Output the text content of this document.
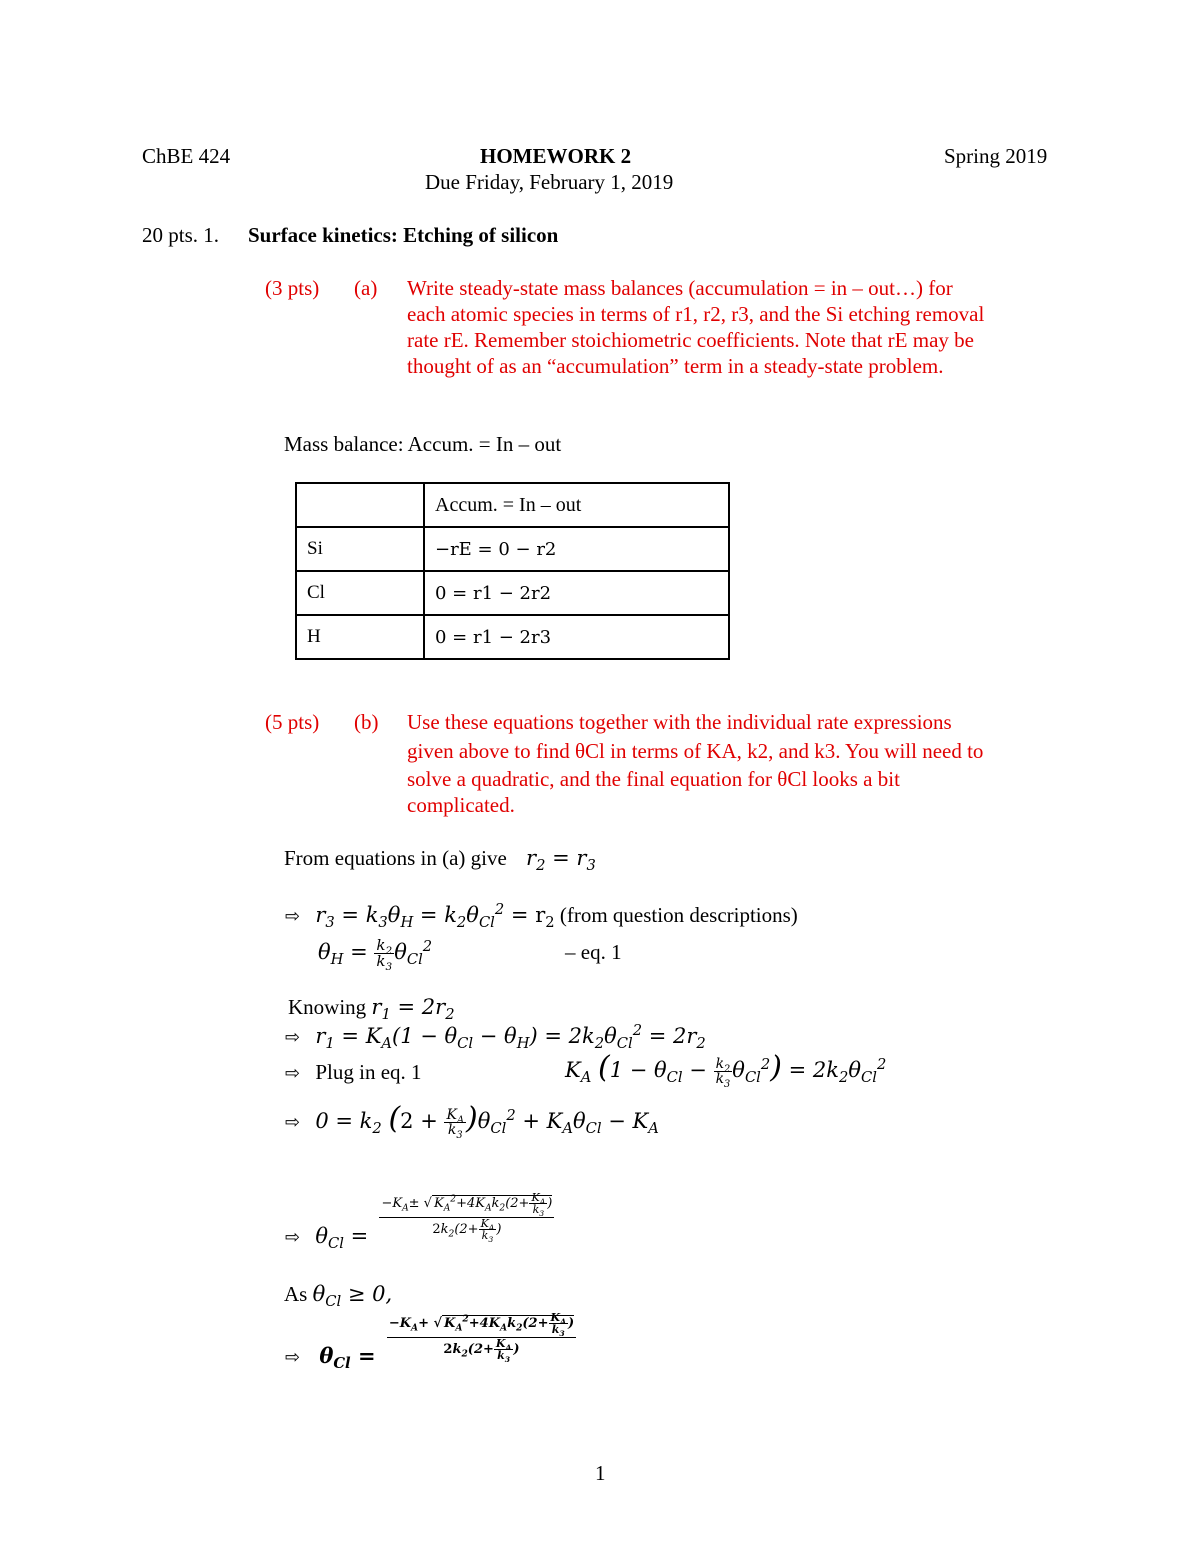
ChBE 424	HOMEWORK 2	Spring 2019
Due Friday, February 1, 2019
20 pts. 1. Surface kinetics: Etching of silicon
(3 pts) (a) Write steady-state mass balances (accumulation = in – out…) for
each atomic species in terms of r1, r2, r3, and the Si etching removal
rate rE. Remember stoichiometric coefficients. Note that rE may be
thought of as an “accumulation” term in a steady-state problem.
Mass balance: Accum. = In – out
	Accum. = In – out
Si	−rE = 0 − r2
Cl	0 = r1 − 2r2
H	0 = r1 − 2r3
(5 pts) (b) Use these equations together with the individual rate expressions
given above to find θCl in terms of KA, k2, and k3. You will need to
solve a quadratic, and the final equation for θCl looks a bit
complicated.
From equations in (a) give $r_2 = r_3$
⇨ $r_3 = k_3\theta_H = k_2\theta_{Cl}^2 = r_2$ (from question descriptions)
$\theta_H = \frac{k_2}{k_3} \theta_{Cl}^2$	– eq. 1
Knowing $r_1 = 2r_2$
⇨ $r_1 = K_A(1 - \theta_{Cl} - \theta_H) = 2k_2\theta_{Cl}^2 = 2r_2$
⇨ Plug in eq. 1	$K_A$ $(1 - \theta_{Cl} - \frac{k_2}{k_3} \theta_{Cl}^2) = 2k_2\theta_{Cl}^2$
⇨ $0 = k_2$ $(2 + \frac{K_A}{k_3} )\theta_{Cl}^2 + K_A\theta_{Cl} - K_A$
⇨ $\theta_{Cl} = \frac{-K_A\pm √ K_A^2+4K_Ak_2(2+ \frac{K_A}{k_3} )}{2k_2(2+ \frac{K_A}{k_3} )}$
As $\theta_{Cl} \ge 0$,
⇨ $\theta_{Cl} = \frac{-K_A+ √ K_A^2+4K_Ak_2(2+ \frac{K_A}{k_3} )}{2k_2(2+ \frac{K_A}{k_3} )}$
1
